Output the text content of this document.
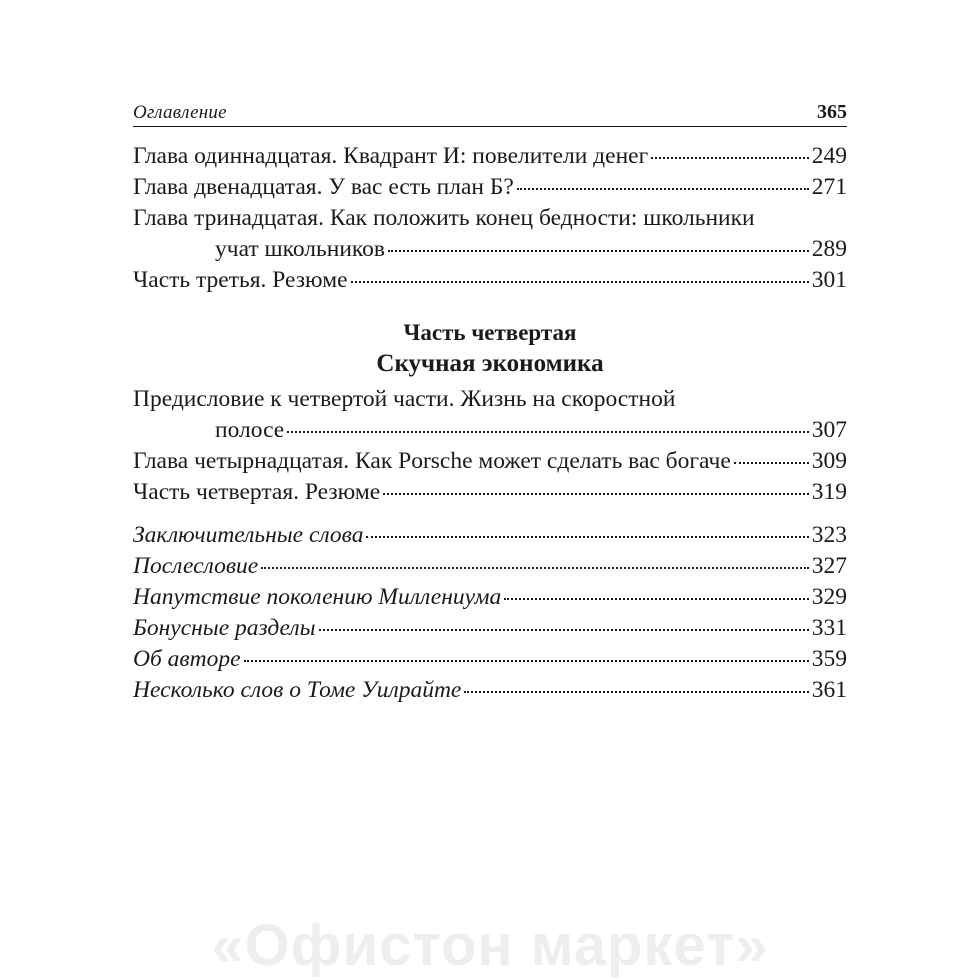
Оглавление	365
Глава одиннадцатая. Квадрант И: повелители денег	249
Глава двенадцатая. У вас есть план Б?	271
Глава тринадцатая. Как положить конец бедности: школьники
учат школьников	289
Часть третья. Резюме	301
Часть четвертая
Скучная экономика
Предисловие к четвертой части. Жизнь на скоростной
полосе	307
Глава четырнадцатая. Как Porsche может сделать вас богаче	309
Часть четвертая. Резюме	319
Заключительные слова	323
Послесловие	327
Напутствие поколению Миллениума	329
Бонусные разделы	331
Об авторе	359
Несколько слов о Томе Уилрайте	361
«Офистон маркет»
